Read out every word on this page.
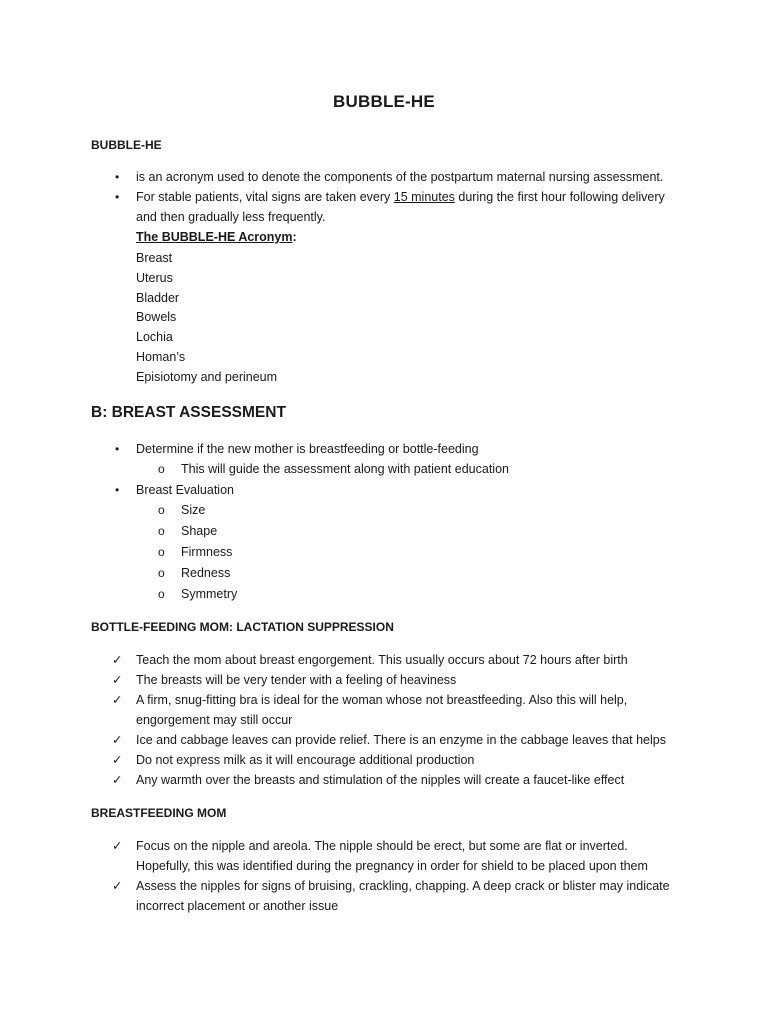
BUBBLE-HE
BUBBLE-HE
• is an acronym used to denote the components of the postpartum maternal nursing assessment.
• For stable patients, vital signs are taken every 15 minutes during the first hour following delivery
and then gradually less frequently.
The BUBBLE-HE Acronym:
Breast
Uterus
Bladder
Bowels
Lochia
Homan’s
Episiotomy and perineum
B: BREAST ASSESSMENT
• Determine if the new mother is breastfeeding or bottle-feeding
o This will guide the assessment along with patient education
• Breast Evaluation
o Size
o Shape
o Firmness
o Redness
o Symmetry
BOTTLE-FEEDING MOM: LACTATION SUPPRESSION
✓ Teach the mom about breast engorgement. This usually occurs about 72 hours after birth
✓ The breasts will be very tender with a feeling of heaviness
✓ A firm, snug-fitting bra is ideal for the woman whose not breastfeeding. Also this will help,
engorgement may still occur
✓ Ice and cabbage leaves can provide relief. There is an enzyme in the cabbage leaves that helps
✓ Do not express milk as it will encourage additional production
✓ Any warmth over the breasts and stimulation of the nipples will create a faucet-like effect
BREASTFEEDING MOM
✓ Focus on the nipple and areola. The nipple should be erect, but some are flat or inverted.
Hopefully, this was identified during the pregnancy in order for shield to be placed upon them
✓ Assess the nipples for signs of bruising, crackling, chapping. A deep crack or blister may indicate
incorrect placement or another issue
